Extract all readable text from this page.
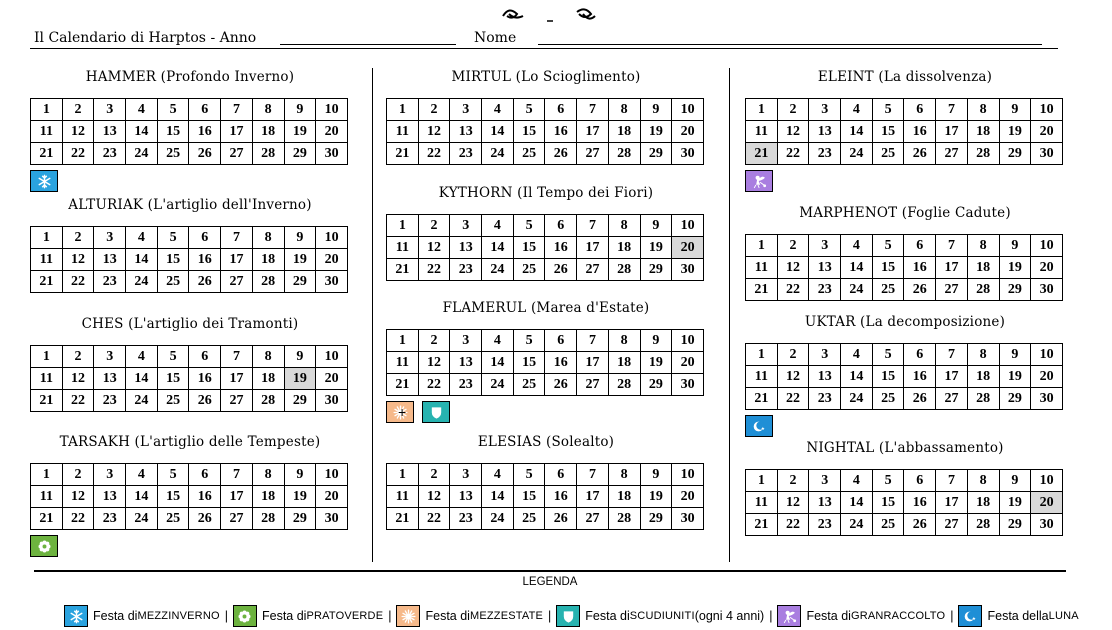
Il Calendario di Harptos - Anno	Nome
HAMMER (Profondo Inverno)
1	2	3	4	5	6	7	8	9	10
11	12	13	14	15	16	17	18	19	20
21	22	23	24	25	26	27	28	29	30
ALTURIAK (L'artiglio dell'Inverno)
1	2	3	4	5	6	7	8	9	10
11	12	13	14	15	16	17	18	19	20
21	22	23	24	25	26	27	28	29	30
CHES (L'artiglio dei Tramonti)
1	2	3	4	5	6	7	8	9	10
11	12	13	14	15	16	17	18	19	20
21	22	23	24	25	26	27	28	29	30
TARSAKH (L'artiglio delle Tempeste)
1	2	3	4	5	6	7	8	9	10
11	12	13	14	15	16	17	18	19	20
21	22	23	24	25	26	27	28	29	30
MIRTUL (Lo Scioglimento)
1	2	3	4	5	6	7	8	9	10
11	12	13	14	15	16	17	18	19	20
21	22	23	24	25	26	27	28	29	30
KYTHORN (Il Tempo dei Fiori)
1	2	3	4	5	6	7	8	9	10
11	12	13	14	15	16	17	18	19	20
21	22	23	24	25	26	27	28	29	30
FLAMERUL (Marea d'Estate)
1	2	3	4	5	6	7	8	9	10
11	12	13	14	15	16	17	18	19	20
21	22	23	24	25	26	27	28	29	30
+
ELESIAS (Solealto)
1	2	3	4	5	6	7	8	9	10
11	12	13	14	15	16	17	18	19	20
21	22	23	24	25	26	27	28	29	30
ELEINT (La dissolvenza)
1	2	3	4	5	6	7	8	9	10
11	12	13	14	15	16	17	18	19	20
21	22	23	24	25	26	27	28	29	30
MARPHENOT (Foglie Cadute)
1	2	3	4	5	6	7	8	9	10
11	12	13	14	15	16	17	18	19	20
21	22	23	24	25	26	27	28	29	30
UKTAR (La decomposizione)
1	2	3	4	5	6	7	8	9	10
11	12	13	14	15	16	17	18	19	20
21	22	23	24	25	26	27	28	29	30
NIGHTAL (L'abbassamento)
1	2	3	4	5	6	7	8	9	10
11	12	13	14	15	16	17	18	19	20
21	22	23	24	25	26	27	28	29	30
LEGENDA
Festa di MEZZINVERNO |	Festa di PRATOVERDE |	Festa di MEZZESTATE |	Festa di SCUDIUNITI (ogni 4 anni) |	Festa di GRANRACCOLTO |	Festa della LUNA
